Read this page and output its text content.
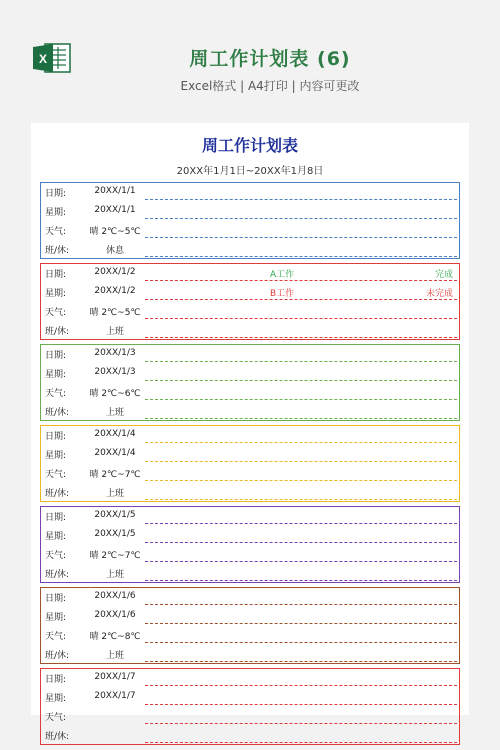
X	周工作计划表 (6)
Excel格式 | A4打印 | 内容可更改
周工作计划表
20XX年1月1日~20XX年1月8日
日期:	20XX/1/1
星期:	20XX/1/1
天气:	晴 2℃~5℃
班/休:	休息
日期:	20XX/1/2	A工作	完成
星期:	20XX/1/2	B工作	未完成
天气:	晴 2℃~5℃
班/休:	上班
日期:	20XX/1/3
星期:	20XX/1/3
天气:	晴 2℃~6℃
班/休:	上班
日期:	20XX/1/4
星期:	20XX/1/4
天气:	晴 2℃~7℃
班/休:	上班
日期:	20XX/1/5
星期:	20XX/1/5
天气:	晴 2℃~7℃
班/休:	上班
日期:	20XX/1/6
星期:	20XX/1/6
天气:	晴 2℃~8℃
班/休:	上班
日期:	20XX/1/7
星期:	20XX/1/7
天气:
班/休:
